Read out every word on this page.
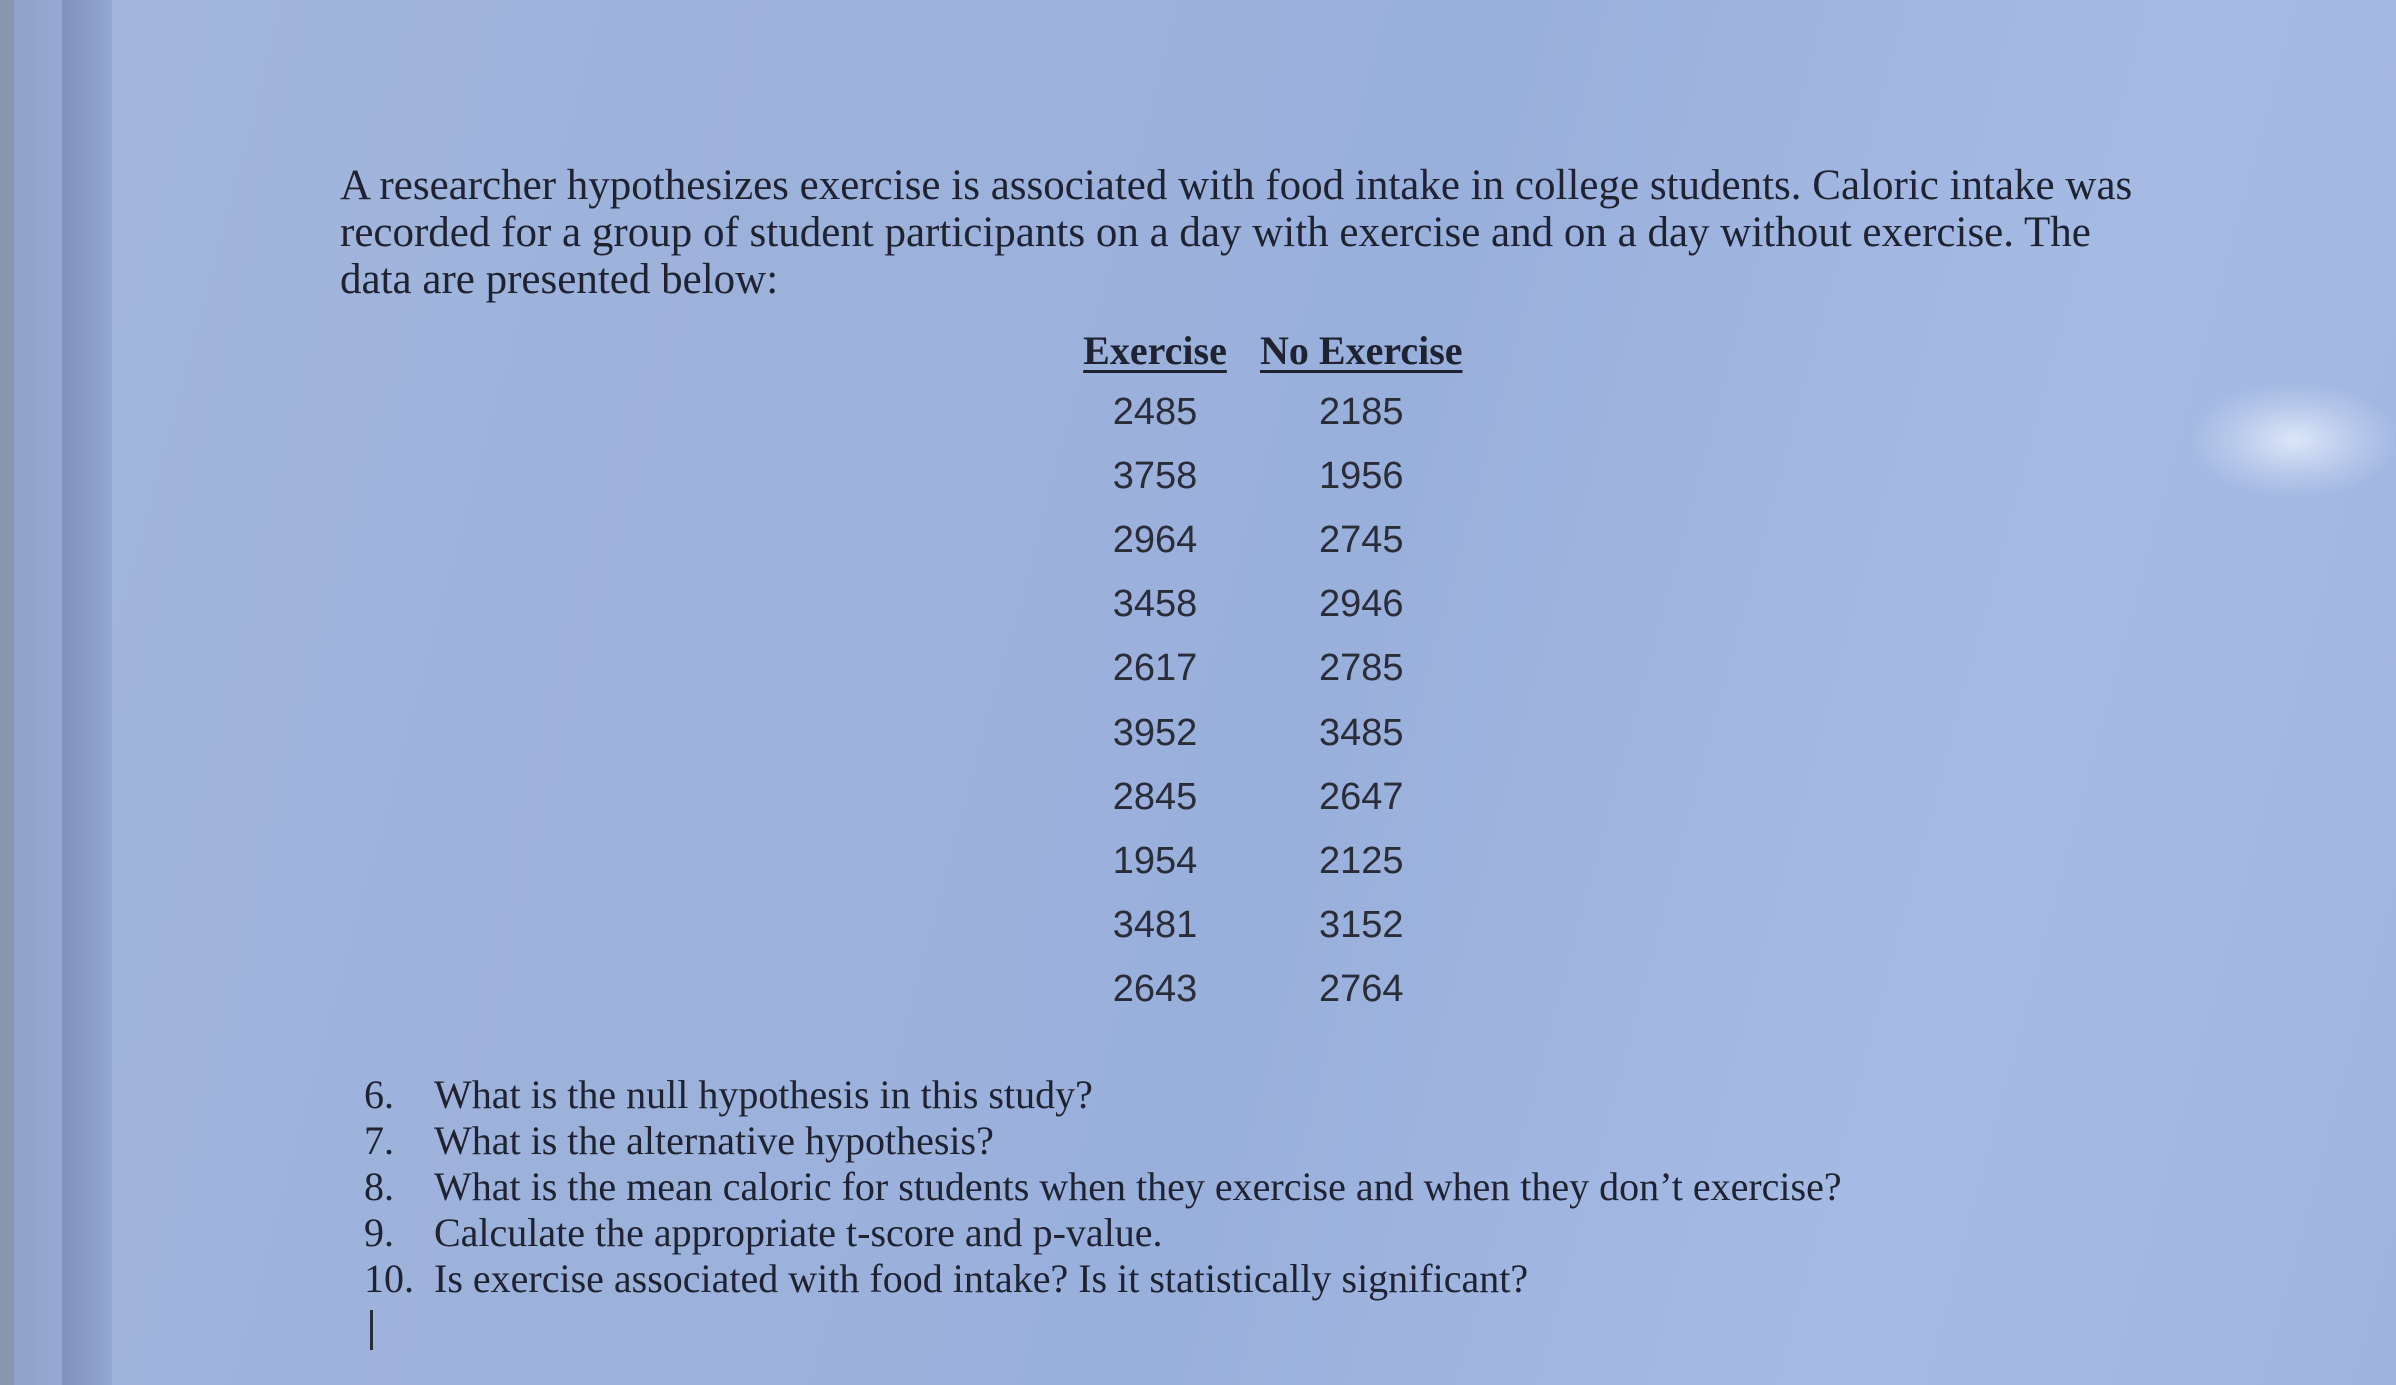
A researcher hypothesizes exercise is associated with food intake in college students. Caloric intake was recorded for a group of student participants on a day with exercise and on a day without exercise. The data are presented below:

Exercise	No Exercise
2485	2185
3758	1956
2964	2745
3458	2946
2617	2785
3952	3485
2845	2647
1954	2125
3481	3152
2643	2764
6.	What is the null hypothesis in this study?
7.	What is the alternative hypothesis?
8.	What is the mean caloric for students when they exercise and when they don’t exercise?
9.	Calculate the appropriate t-score and p-value.
10. Is exercise associated with food intake? Is it statistically significant?
